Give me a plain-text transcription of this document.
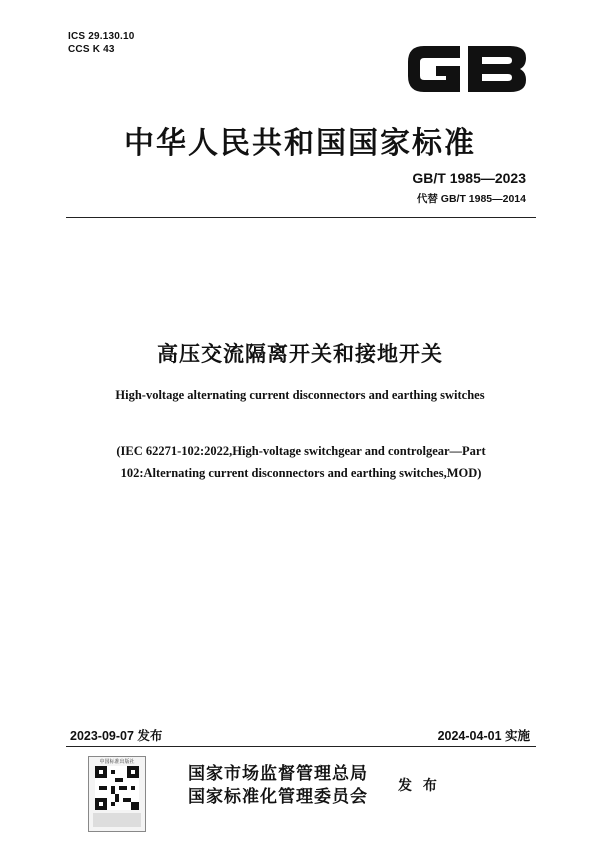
ICS 29.130.10
CCS K 43
中华人民共和国国家标准
GB/T 1985—2023
代替 GB/T 1985—2014
高压交流隔离开关和接地开关
High-voltage alternating current disconnectors and earthing switches
(IEC 62271-102:2022,High-voltage switchgear and controlgear—Part
102:Alternating current disconnectors and earthing switches,MOD)
2023-09-07 发布	2024-04-01 实施
中国标准出版社
国家市场监督管理总局
国家标准化管理委员会
发 布
